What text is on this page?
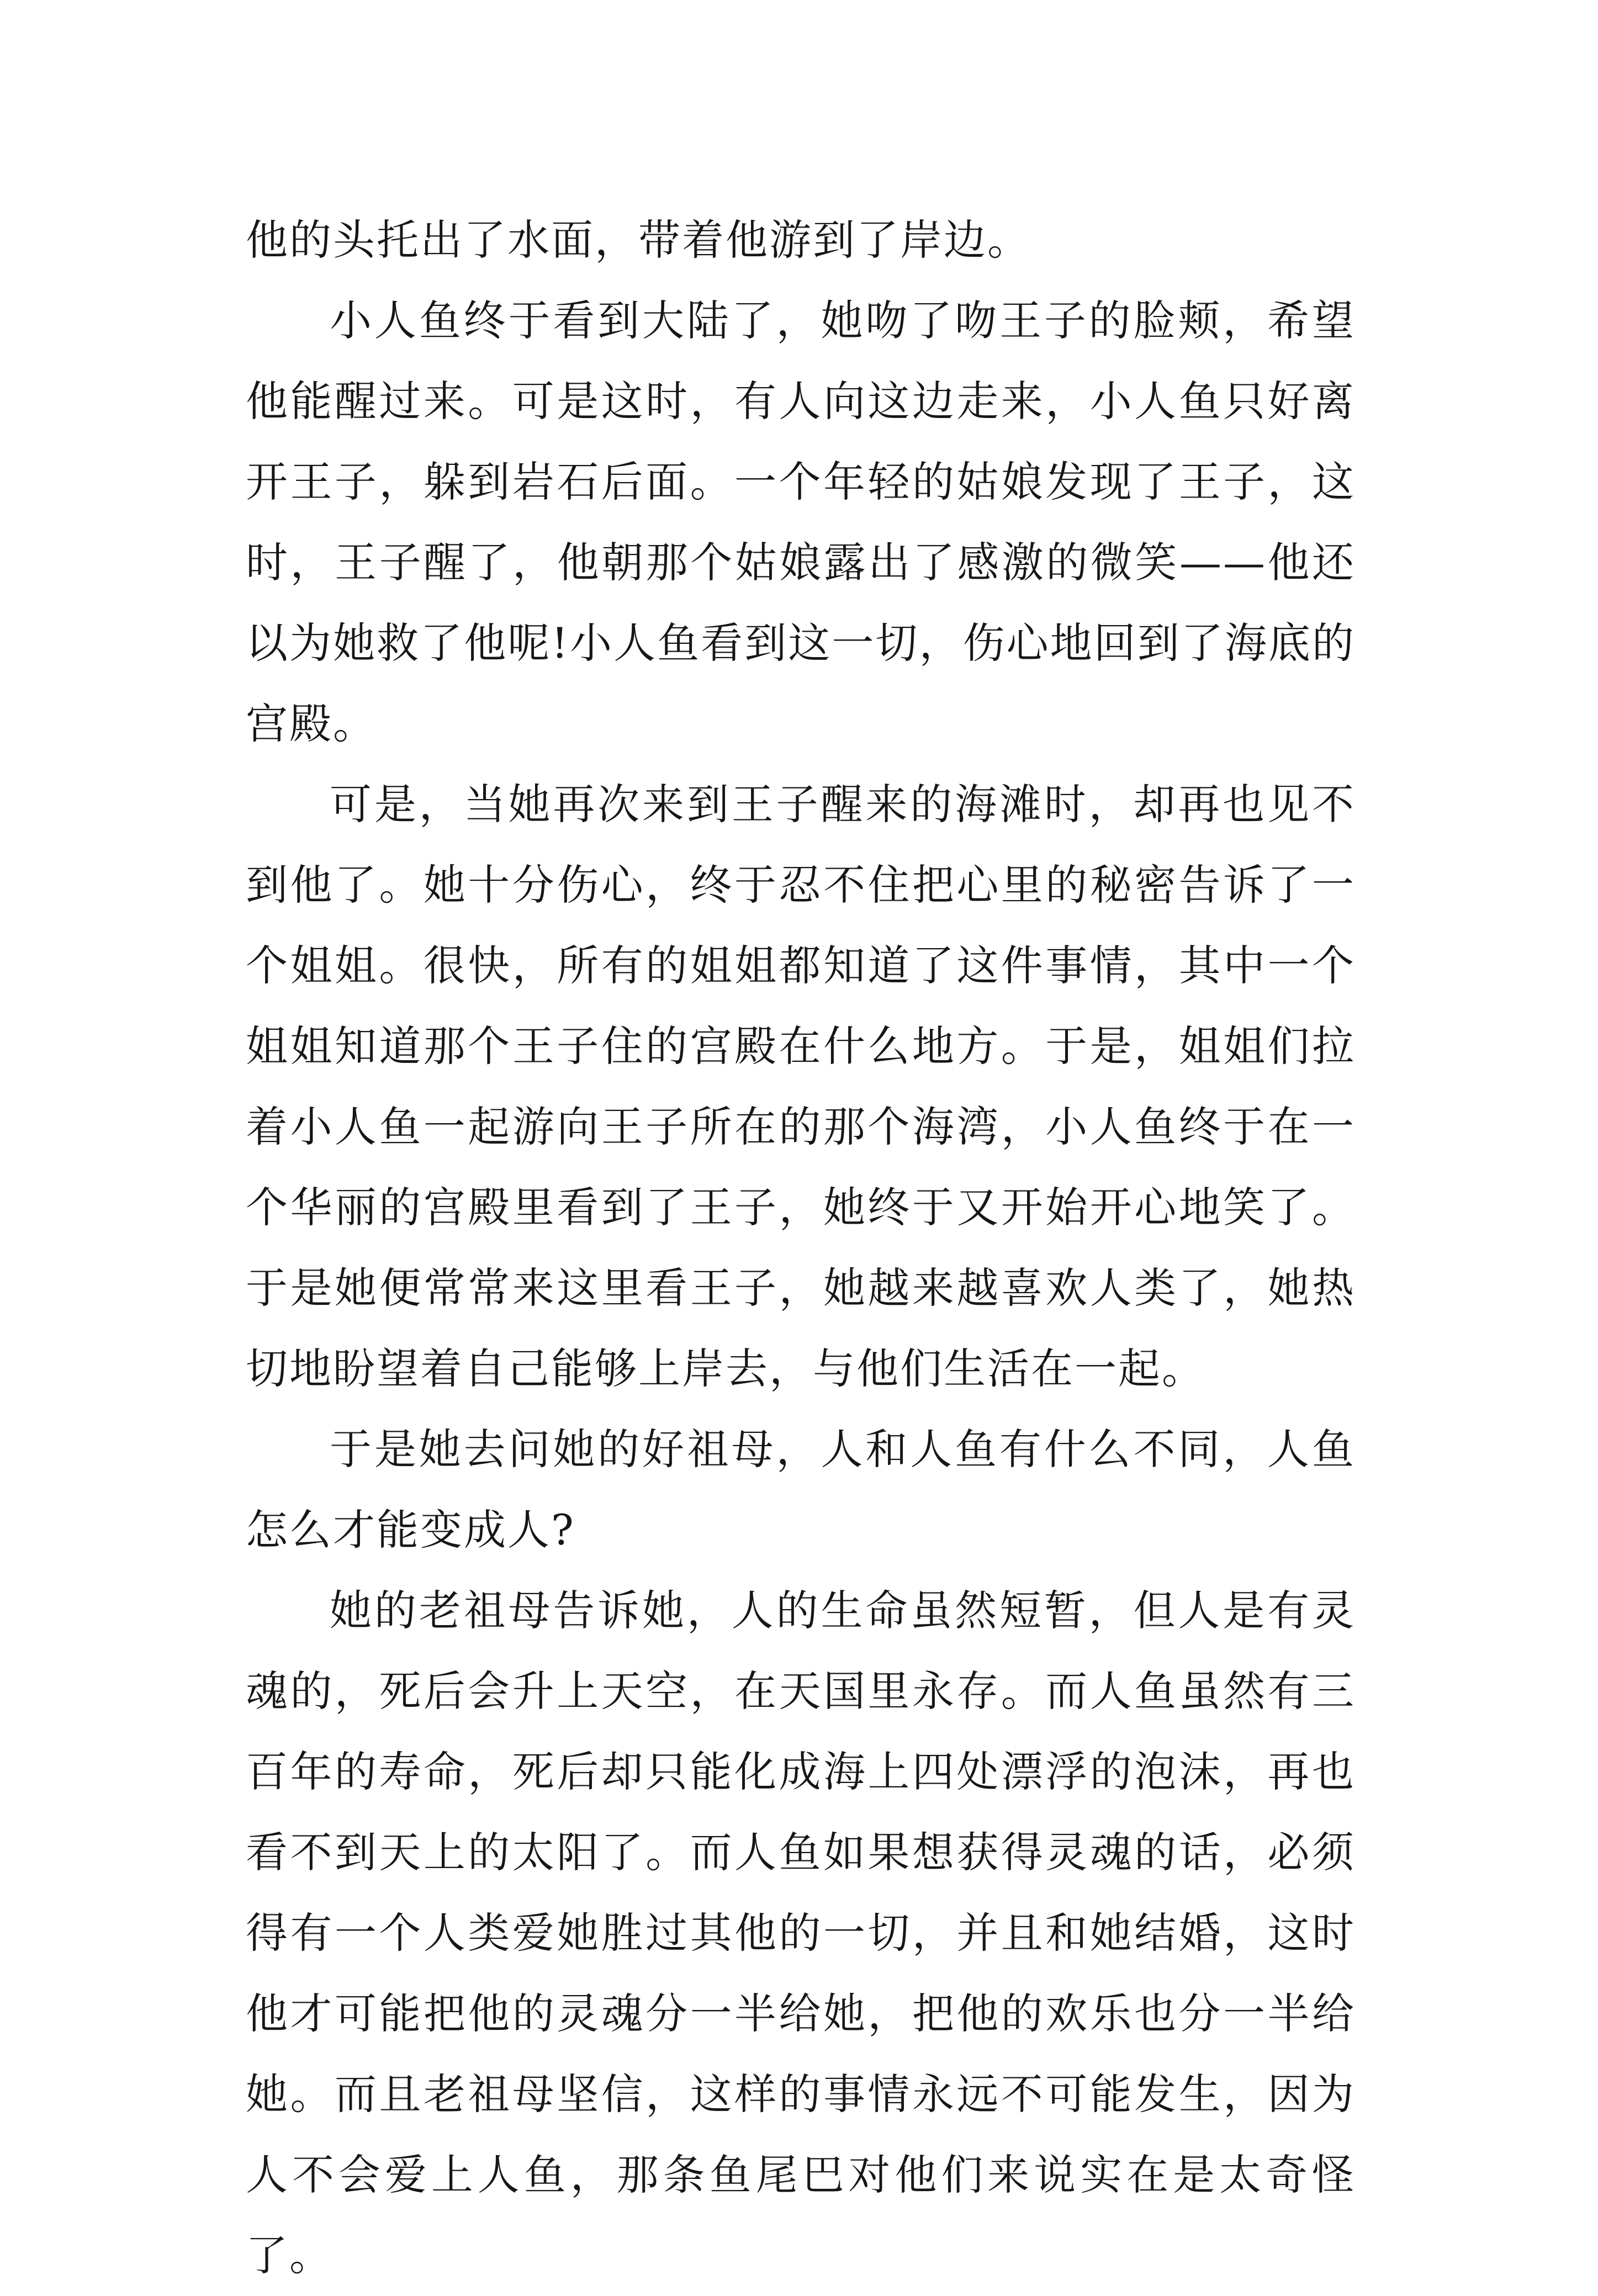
他的头托出了水面，带着他游到了岸边。

小人鱼终于看到大陆了，她吻了吻王子的脸颊，希望他能醒过来。可是这时，有人向这边走来，小人鱼只好离开王子，躲到岩石后面。一个年轻的姑娘发现了王子，这时，王子醒了，他朝那个姑娘露出了感激的微笑——他还以为她救了他呢!小人鱼看到这一切，伤心地回到了海底的宫殿。

可是，当她再次来到王子醒来的海滩时，却再也见不到他了。她十分伤心，终于忍不住把心里的秘密告诉了一个姐姐。很快，所有的姐姐都知道了这件事情，其中一个姐姐知道那个王子住的宫殿在什么地方。于是，姐姐们拉着小人鱼一起游向王子所在的那个海湾，小人鱼终于在一个华丽的宫殿里看到了王子，她终于又开始开心地笑了。于是她便常常来这里看王子，她越来越喜欢人类了，她热切地盼望着自己能够上岸去，与他们生活在一起。

于是她去问她的好祖母，人和人鱼有什么不同，人鱼怎么才能变成人?

她的老祖母告诉她，人的生命虽然短暂，但人是有灵魂的，死后会升上天空，在天国里永存。而人鱼虽然有三百年的寿命，死后却只能化成海上四处漂浮的泡沫，再也看不到天上的太阳了。而人鱼如果想获得灵魂的话，必须得有一个人类爱她胜过其他的一切，并且和她结婚，这时他才可能把他的灵魂分一半给她，把他的欢乐也分一半给她。而且老祖母坚信，这样的事情永远不可能发生，因为人不会爱上人鱼，那条鱼尾巴对他们来说实在是太奇怪了。
